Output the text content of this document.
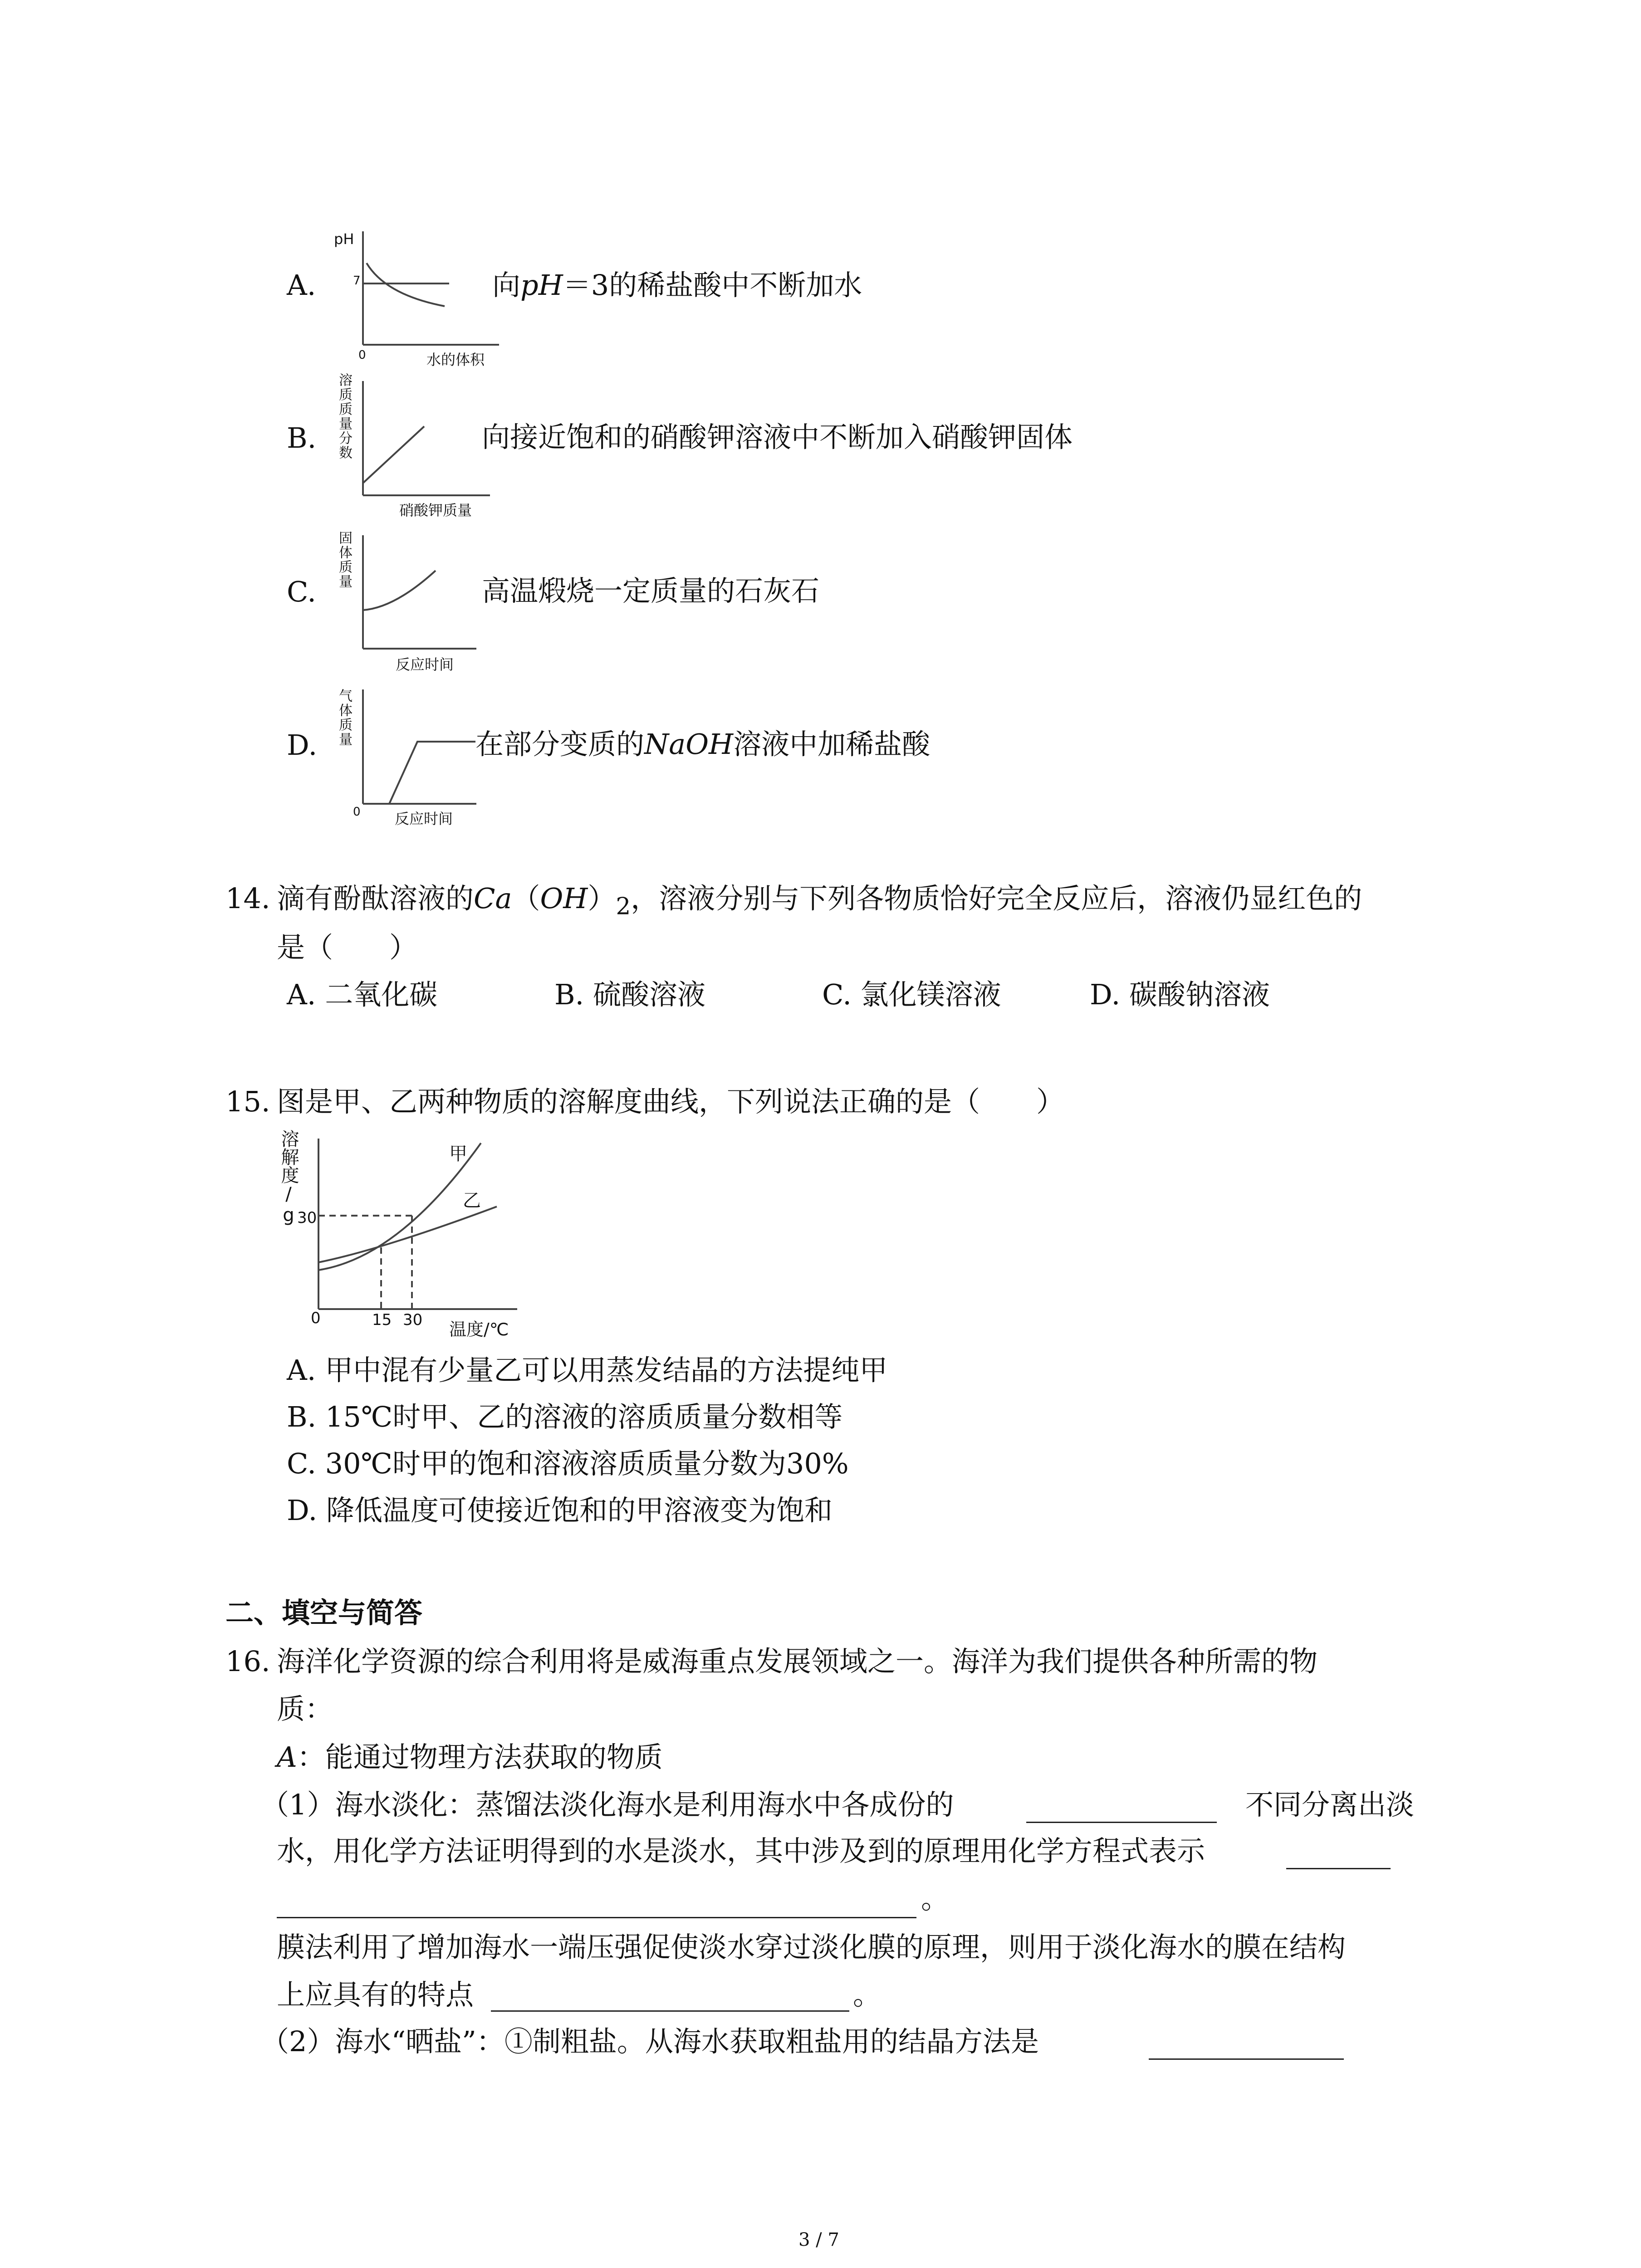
A.
pH
7
0	水的体积
向pH＝3的稀盐酸中不断加水
B. 溶质质量分数
硝酸钾质量
向接近饱和的硝酸钾溶液中不断加入硝酸钾固体
C.
固体质量
反应时间
高温煅烧一定质量的石灰石
D. 气体质量
0 反应时间
在部分变质的NaOH溶液中加稀盐酸
14. 滴有酚酞溶液的$Ca(OH)_2$，溶液分别与下列各物质恰好完全反应后，溶液仍显红色的
是（　　）
A. 二氧化碳	B. 硫酸溶液	C. 氯化镁溶液	D. 碳酸钠溶液
15. 图是甲、乙两种物质的溶解度曲线，下列说法正确的是（　　）
溶解度/g
30
0	15 30 温度/℃
甲
乙
A. 甲中混有少量乙可以用蒸发结晶的方法提纯甲
B. 15℃时甲、乙的溶液的溶质质量分数相等
C. 30℃时甲的饱和溶液溶质质量分数为30%
D. 降低温度可使接近饱和的甲溶液变为饱和
二、填空与简答
16. 海洋化学资源的综合利用将是威海重点发展领域之一。海洋为我们提供各种所需的物
质：
A：能通过物理方法获取的物质
（1）海水淡化：蒸馏法淡化海水是利用海水中各成份的	不同分离出淡
水，用化学方法证明得到的水是淡水，其中涉及到的原理用化学方程式表示
。
膜法利用了增加海水一端压强促使淡水穿过淡化膜的原理，则用于淡化海水的膜在结构
上应具有的特点	。
（2）海水“晒盐”：①制粗盐。从海水获取粗盐用的结晶方法是
3 / 7
